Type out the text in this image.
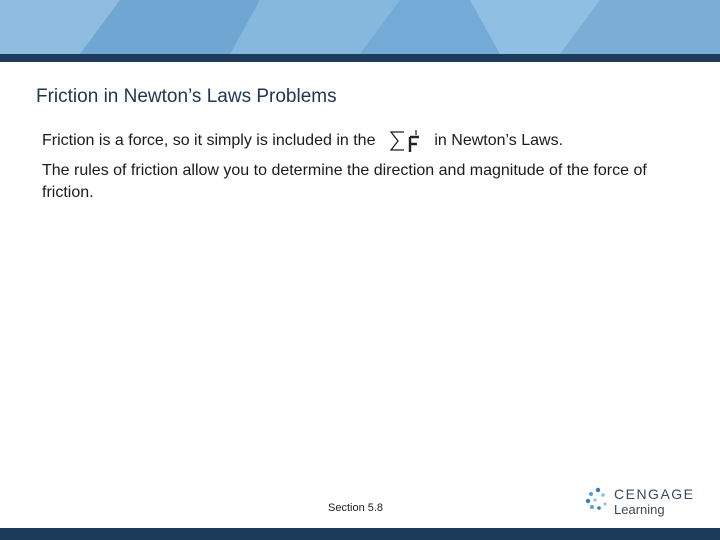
Friction in Newton’s Laws Problems
Friction is a force, so it simply is included in the	in Newton’s Laws.
The rules of friction allow you to determine the direction and magnitude of the force of friction.
Section 5.8
CENGAGE
Learning
